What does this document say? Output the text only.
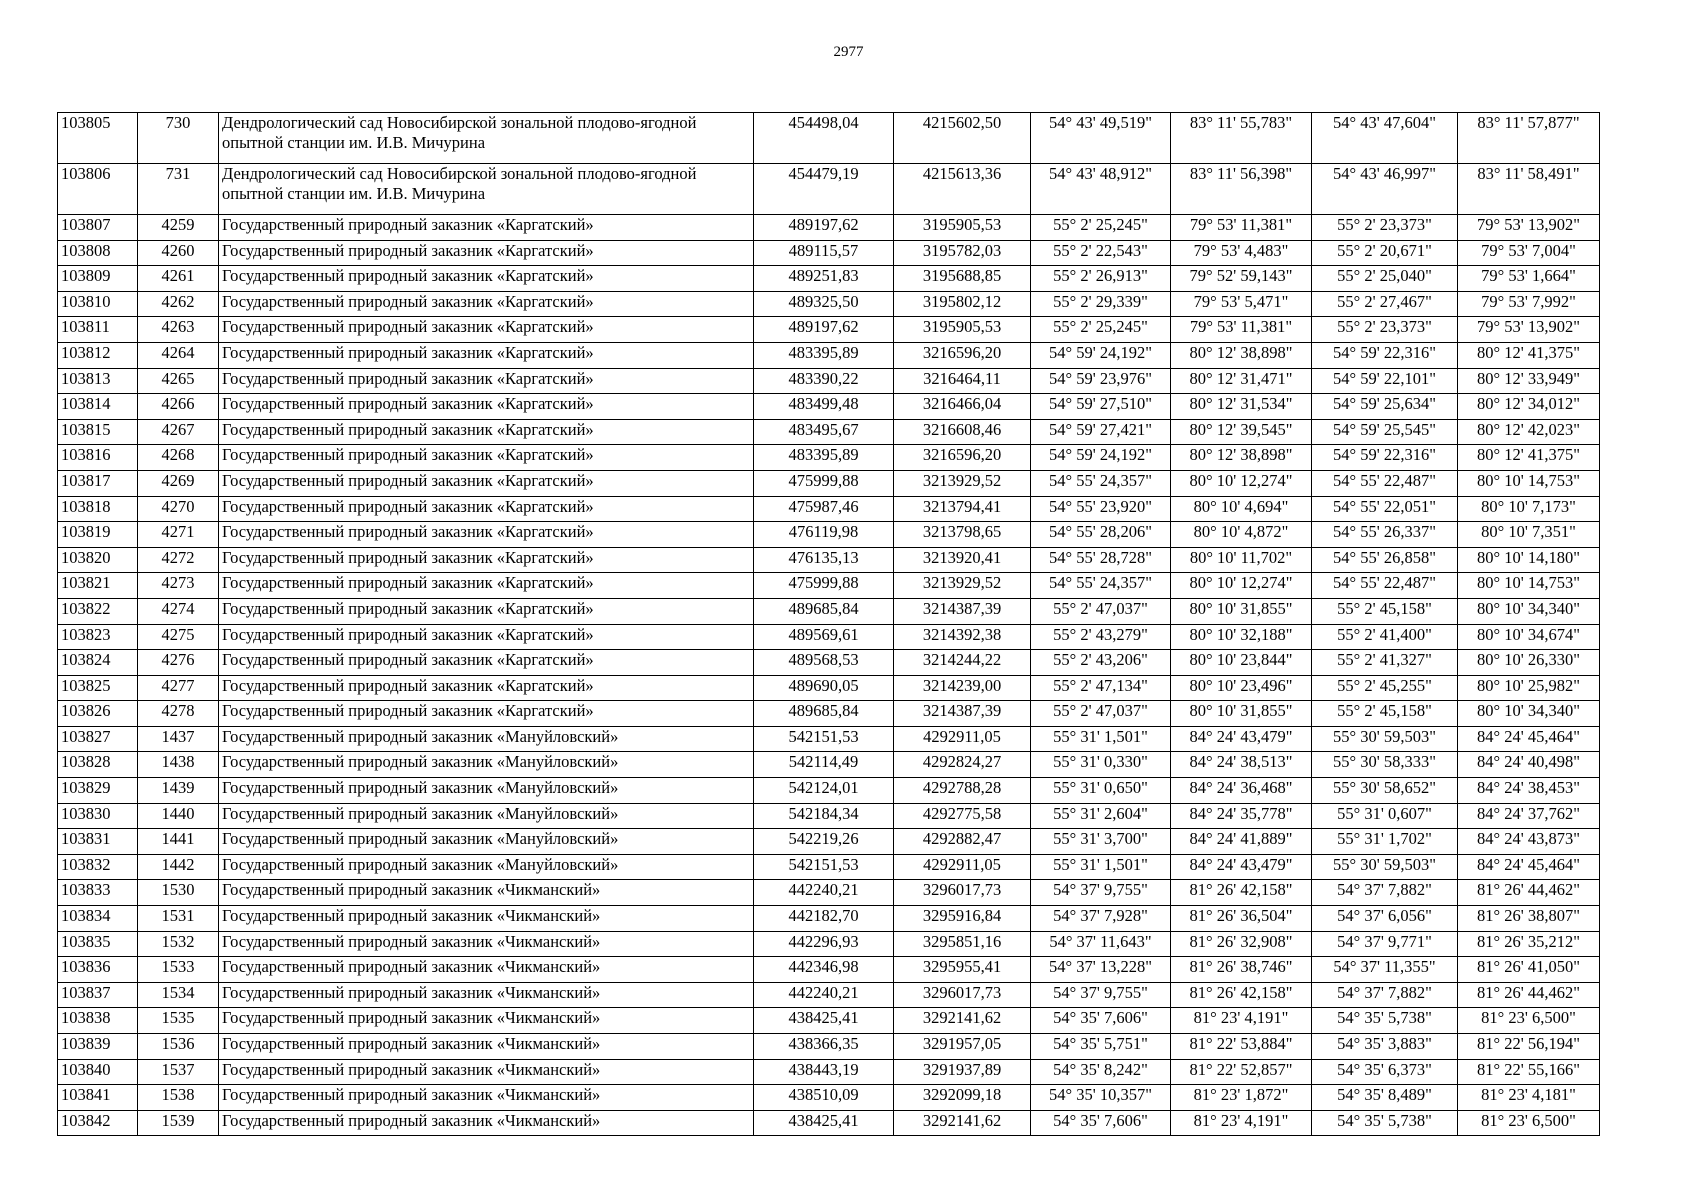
2977
103805	730	Дендрологический сад Новосибирской зональной плодово-ягодной опытной станции им. И.В. Мичурина	454498,04	4215602,50	54° 43' 49,519"	83° 11' 55,783"	54° 43' 47,604"	83° 11' 57,877"
103806	731	Дендрологический сад Новосибирской зональной плодово-ягодной опытной станции им. И.В. Мичурина	454479,19	4215613,36	54° 43' 48,912"	83° 11' 56,398"	54° 43' 46,997"	83° 11' 58,491"
103807	4259	Государственный природный заказник «Каргатский»	489197,62	3195905,53	55° 2' 25,245"	79° 53' 11,381"	55° 2' 23,373"	79° 53' 13,902"
103808	4260	Государственный природный заказник «Каргатский»	489115,57	3195782,03	55° 2' 22,543"	79° 53' 4,483"	55° 2' 20,671"	79° 53' 7,004"
103809	4261	Государственный природный заказник «Каргатский»	489251,83	3195688,85	55° 2' 26,913"	79° 52' 59,143"	55° 2' 25,040"	79° 53' 1,664"
103810	4262	Государственный природный заказник «Каргатский»	489325,50	3195802,12	55° 2' 29,339"	79° 53' 5,471"	55° 2' 27,467"	79° 53' 7,992"
103811	4263	Государственный природный заказник «Каргатский»	489197,62	3195905,53	55° 2' 25,245"	79° 53' 11,381"	55° 2' 23,373"	79° 53' 13,902"
103812	4264	Государственный природный заказник «Каргатский»	483395,89	3216596,20	54° 59' 24,192"	80° 12' 38,898"	54° 59' 22,316"	80° 12' 41,375"
103813	4265	Государственный природный заказник «Каргатский»	483390,22	3216464,11	54° 59' 23,976"	80° 12' 31,471"	54° 59' 22,101"	80° 12' 33,949"
103814	4266	Государственный природный заказник «Каргатский»	483499,48	3216466,04	54° 59' 27,510"	80° 12' 31,534"	54° 59' 25,634"	80° 12' 34,012"
103815	4267	Государственный природный заказник «Каргатский»	483495,67	3216608,46	54° 59' 27,421"	80° 12' 39,545"	54° 59' 25,545"	80° 12' 42,023"
103816	4268	Государственный природный заказник «Каргатский»	483395,89	3216596,20	54° 59' 24,192"	80° 12' 38,898"	54° 59' 22,316"	80° 12' 41,375"
103817	4269	Государственный природный заказник «Каргатский»	475999,88	3213929,52	54° 55' 24,357"	80° 10' 12,274"	54° 55' 22,487"	80° 10' 14,753"
103818	4270	Государственный природный заказник «Каргатский»	475987,46	3213794,41	54° 55' 23,920"	80° 10' 4,694"	54° 55' 22,051"	80° 10' 7,173"
103819	4271	Государственный природный заказник «Каргатский»	476119,98	3213798,65	54° 55' 28,206"	80° 10' 4,872"	54° 55' 26,337"	80° 10' 7,351"
103820	4272	Государственный природный заказник «Каргатский»	476135,13	3213920,41	54° 55' 28,728"	80° 10' 11,702"	54° 55' 26,858"	80° 10' 14,180"
103821	4273	Государственный природный заказник «Каргатский»	475999,88	3213929,52	54° 55' 24,357"	80° 10' 12,274"	54° 55' 22,487"	80° 10' 14,753"
103822	4274	Государственный природный заказник «Каргатский»	489685,84	3214387,39	55° 2' 47,037"	80° 10' 31,855"	55° 2' 45,158"	80° 10' 34,340"
103823	4275	Государственный природный заказник «Каргатский»	489569,61	3214392,38	55° 2' 43,279"	80° 10' 32,188"	55° 2' 41,400"	80° 10' 34,674"
103824	4276	Государственный природный заказник «Каргатский»	489568,53	3214244,22	55° 2' 43,206"	80° 10' 23,844"	55° 2' 41,327"	80° 10' 26,330"
103825	4277	Государственный природный заказник «Каргатский»	489690,05	3214239,00	55° 2' 47,134"	80° 10' 23,496"	55° 2' 45,255"	80° 10' 25,982"
103826	4278	Государственный природный заказник «Каргатский»	489685,84	3214387,39	55° 2' 47,037"	80° 10' 31,855"	55° 2' 45,158"	80° 10' 34,340"
103827	1437	Государственный природный заказник «Мануйловский»	542151,53	4292911,05	55° 31' 1,501"	84° 24' 43,479"	55° 30' 59,503"	84° 24' 45,464"
103828	1438	Государственный природный заказник «Мануйловский»	542114,49	4292824,27	55° 31' 0,330"	84° 24' 38,513"	55° 30' 58,333"	84° 24' 40,498"
103829	1439	Государственный природный заказник «Мануйловский»	542124,01	4292788,28	55° 31' 0,650"	84° 24' 36,468"	55° 30' 58,652"	84° 24' 38,453"
103830	1440	Государственный природный заказник «Мануйловский»	542184,34	4292775,58	55° 31' 2,604"	84° 24' 35,778"	55° 31' 0,607"	84° 24' 37,762"
103831	1441	Государственный природный заказник «Мануйловский»	542219,26	4292882,47	55° 31' 3,700"	84° 24' 41,889"	55° 31' 1,702"	84° 24' 43,873"
103832	1442	Государственный природный заказник «Мануйловский»	542151,53	4292911,05	55° 31' 1,501"	84° 24' 43,479"	55° 30' 59,503"	84° 24' 45,464"
103833	1530	Государственный природный заказник «Чикманский»	442240,21	3296017,73	54° 37' 9,755"	81° 26' 42,158"	54° 37' 7,882"	81° 26' 44,462"
103834	1531	Государственный природный заказник «Чикманский»	442182,70	3295916,84	54° 37' 7,928"	81° 26' 36,504"	54° 37' 6,056"	81° 26' 38,807"
103835	1532	Государственный природный заказник «Чикманский»	442296,93	3295851,16	54° 37' 11,643"	81° 26' 32,908"	54° 37' 9,771"	81° 26' 35,212"
103836	1533	Государственный природный заказник «Чикманский»	442346,98	3295955,41	54° 37' 13,228"	81° 26' 38,746"	54° 37' 11,355"	81° 26' 41,050"
103837	1534	Государственный природный заказник «Чикманский»	442240,21	3296017,73	54° 37' 9,755"	81° 26' 42,158"	54° 37' 7,882"	81° 26' 44,462"
103838	1535	Государственный природный заказник «Чикманский»	438425,41	3292141,62	54° 35' 7,606"	81° 23' 4,191"	54° 35' 5,738"	81° 23' 6,500"
103839	1536	Государственный природный заказник «Чикманский»	438366,35	3291957,05	54° 35' 5,751"	81° 22' 53,884"	54° 35' 3,883"	81° 22' 56,194"
103840	1537	Государственный природный заказник «Чикманский»	438443,19	3291937,89	54° 35' 8,242"	81° 22' 52,857"	54° 35' 6,373"	81° 22' 55,166"
103841	1538	Государственный природный заказник «Чикманский»	438510,09	3292099,18	54° 35' 10,357"	81° 23' 1,872"	54° 35' 8,489"	81° 23' 4,181"
103842	1539	Государственный природный заказник «Чикманский»	438425,41	3292141,62	54° 35' 7,606"	81° 23' 4,191"	54° 35' 5,738"	81° 23' 6,500"
